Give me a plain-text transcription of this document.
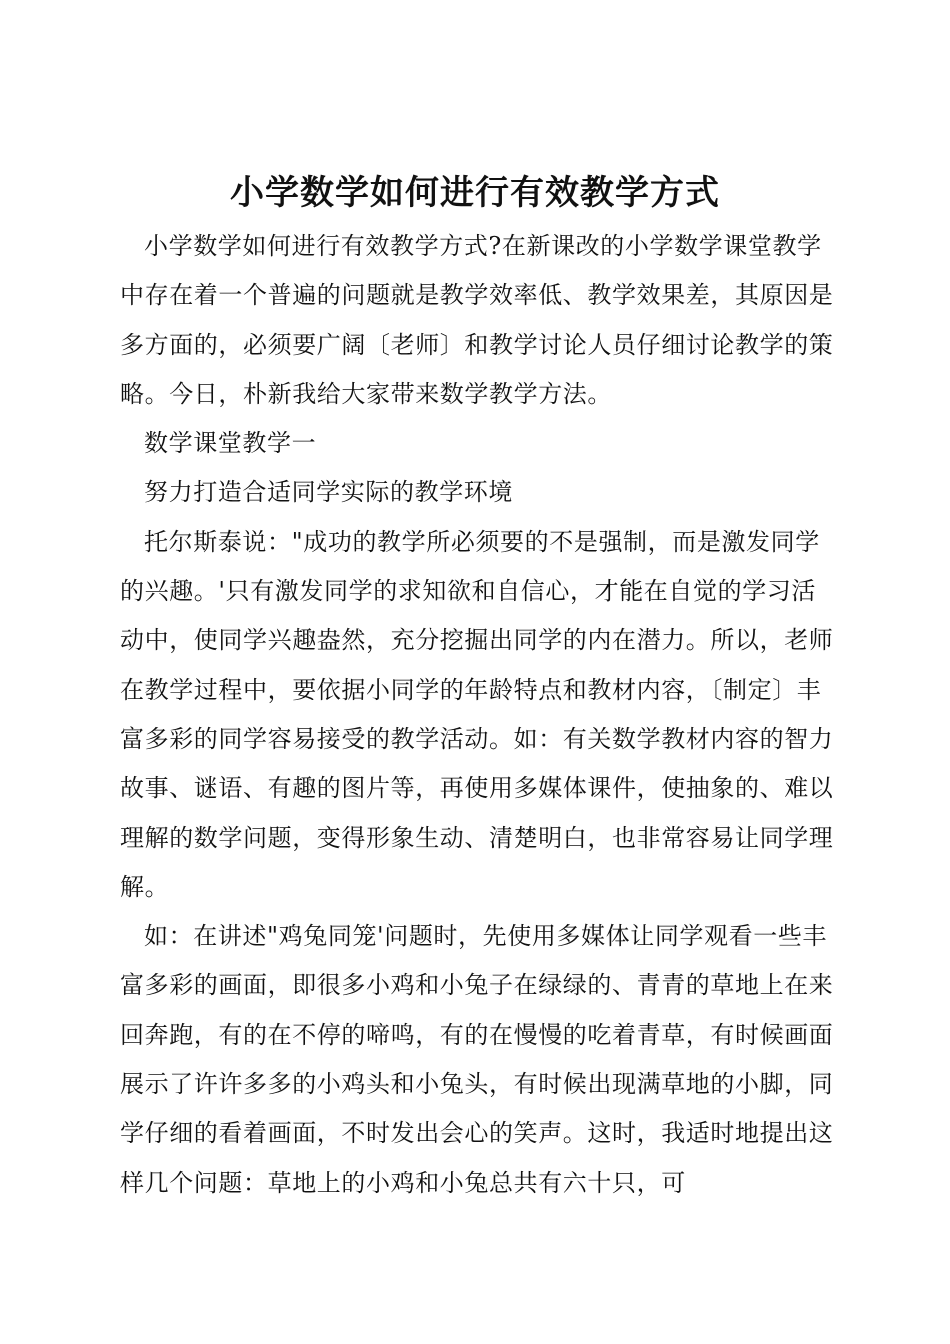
小学数学如何进行有效教学方式

小学数学如何进行有效教学方式?在新课改的小学数学课堂教学中存在着一个普遍的问题就是教学效率低、教学效果差，其原因是多方面的，必须要广阔〔老师〕和教学讨论人员仔细讨论教学的策略。今日，朴新我给大家带来数学教学方法。

数学课堂教学一

努力打造合适同学实际的教学环境

托尔斯泰说："成功的教学所必须要的不是强制，而是激发同学的兴趣。'只有激发同学的求知欲和自信心，才能在自觉的学习活动中，使同学兴趣盎然，充分挖掘出同学的内在潜力。所以，老师在教学过程中，要依据小同学的年龄特点和教材内容，〔制定〕丰富多彩的同学容易接受的教学活动。如：有关数学教材内容的智力故事、谜语、有趣的图片等，再使用多媒体课件，使抽象的、难以理解的数学问题，变得形象生动、清楚明白，也非常容易让同学理解。

如：在讲述"鸡兔同笼'问题时，先使用多媒体让同学观看一些丰富多彩的画面，即很多小鸡和小兔子在绿绿的、青青的草地上在来回奔跑，有的在不停的啼鸣，有的在慢慢的吃着青草，有时候画面展示了许许多多的小鸡头和小兔头，有时候出现满草地的小脚，同学仔细的看着画面，不时发出会心的笑声。这时，我适时地提出这样几个问题：草地上的小鸡和小兔总共有六十只，可
